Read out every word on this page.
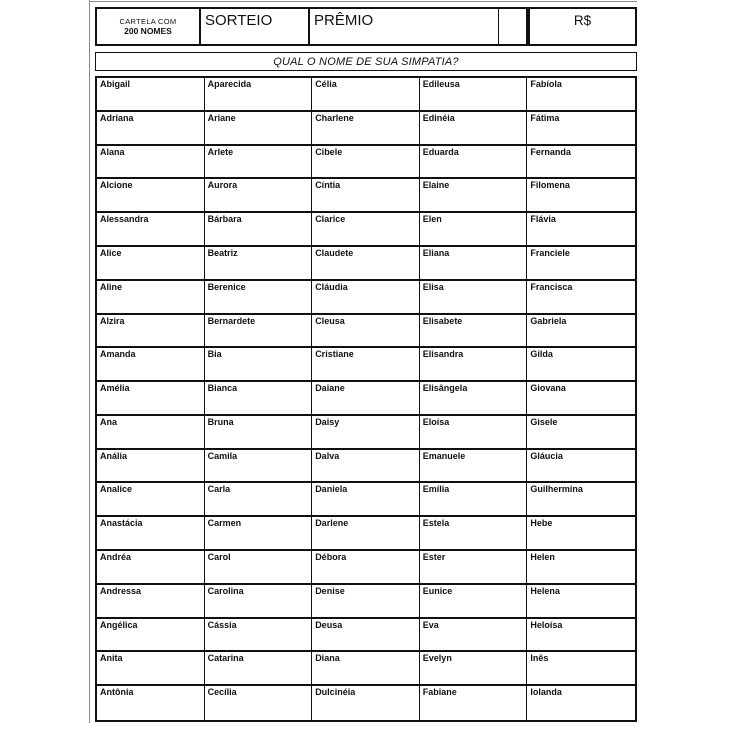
CARTELA COM
200 NOMES
SORTEIO	PRÊMIO	R$
QUAL O NOME DE SUA SIMPATIA?
Abigail	Aparecida	Célia	Edileusa	Fabíola
Adriana	Ariane	Charlene	Edinéia	Fátima
Alana	Arlete	Cibele	Eduarda	Fernanda
Alcione	Aurora	Cíntia	Elaine	Filomena
Alessandra	Bárbara	Clarice	Elen	Flávia
Alice	Beatriz	Claudete	Eliana	Franciele
Aline	Berenice	Cláudia	Elisa	Francisca
Alzira	Bernardete	Cleusa	Elisabete	Gabriela
Amanda	Bia	Cristiane	Elisandra	Gilda
Amélia	Bianca	Daiane	Elisângela	Giovana
Ana	Bruna	Daisy	Eloísa	Gisele
Anália	Camila	Dalva	Emanuele	Gláucia
Analice	Carla	Daniela	Emília	Guilhermina
Anastácia	Carmen	Darlene	Estela	Hebe
Andréa	Carol	Débora	Ester	Helen
Andressa	Carolina	Denise	Eunice	Helena
Angélica	Cássia	Deusa	Eva	Heloísa
Anita	Catarina	Diana	Evelyn	Inês
Antônia	Cecília	Dulcinéia	Fabiane	Iolanda
